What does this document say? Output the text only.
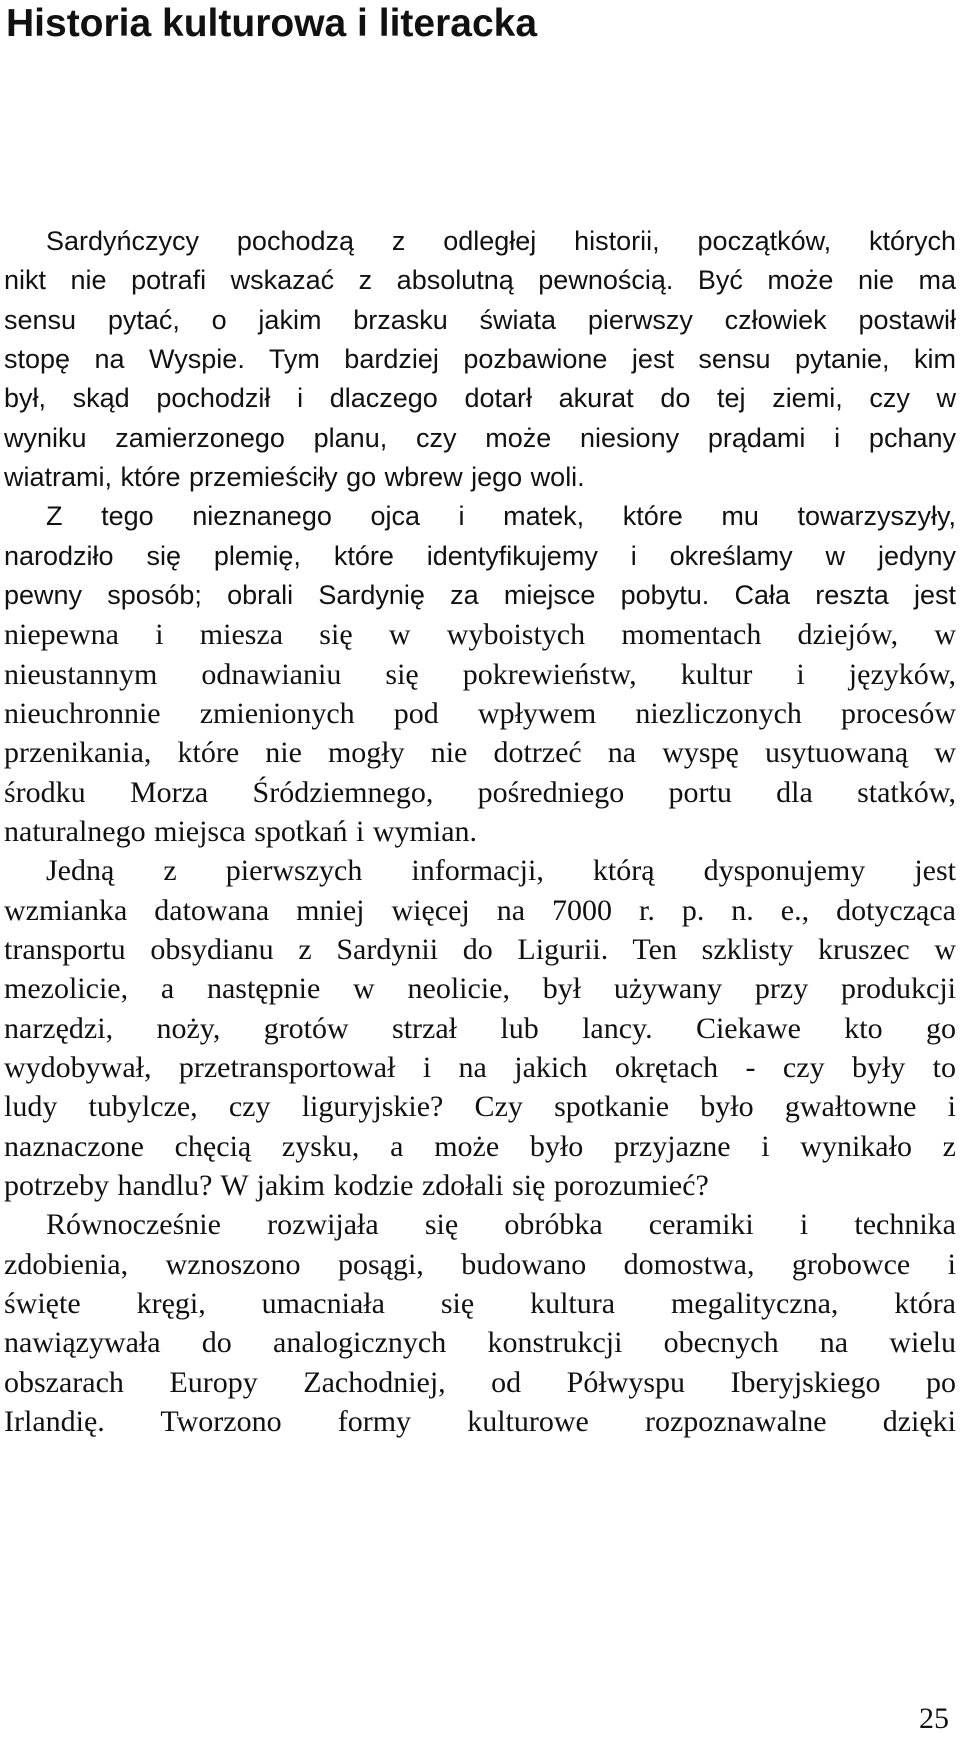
Historia kulturowa i literacka
Sardyńczycy pochodzą z odległej historii, początków, których
nikt nie potrafi wskazać z absolutną pewnością. Być może nie ma
sensu pytać, o jakim brzasku świata pierwszy człowiek postawił
stopę na Wyspie. Tym bardziej pozbawione jest sensu pytanie, kim
był, skąd pochodził i dlaczego dotarł akurat do tej ziemi, czy w
wyniku zamierzonego planu, czy może niesiony prądami i pchany
wiatrami, które przemieściły go wbrew jego woli.
Z tego nieznanego ojca i matek, które mu towarzyszyły,
narodziło się plemię, które identyfikujemy i określamy w jedyny
pewny sposób; obrali Sardynię za miejsce pobytu. Cała reszta jest
niepewna i miesza się w wyboistych momentach dziejów, w
nieustannym odnawianiu się pokrewieństw, kultur i języków,
nieuchronnie zmienionych pod wpływem niezliczonych procesów
przenikania, które nie mogły nie dotrzeć na wyspę usytuowaną w
środku Morza Śródziemnego, pośredniego portu dla statków,
naturalnego miejsca spotkań i wymian.
Jedną z pierwszych informacji, którą dysponujemy jest
wzmianka datowana mniej więcej na 7000 r. p. n. e., dotycząca
transportu obsydianu z Sardynii do Ligurii. Ten szklisty kruszec w
mezolicie, a następnie w neolicie, był używany przy produkcji
narzędzi, noży, grotów strzał lub lancy. Ciekawe kto go
wydobywał, przetransportował i na jakich okrętach - czy były to
ludy tubylcze, czy liguryjskie? Czy spotkanie było gwałtowne i
naznaczone chęcią zysku, a może było przyjazne i wynikało z
potrzeby handlu? W jakim kodzie zdołali się porozumieć?
Równocześnie rozwijała się obróbka ceramiki i technika
zdobienia, wznoszono posągi, budowano domostwa, grobowce i
święte kręgi, umacniała się kultura megalityczna, która
nawiązywała do analogicznych konstrukcji obecnych na wielu
obszarach Europy Zachodniej, od Półwyspu Iberyjskiego po
Irlandię. Tworzono formy kulturowe rozpoznawalne dzięki
25
